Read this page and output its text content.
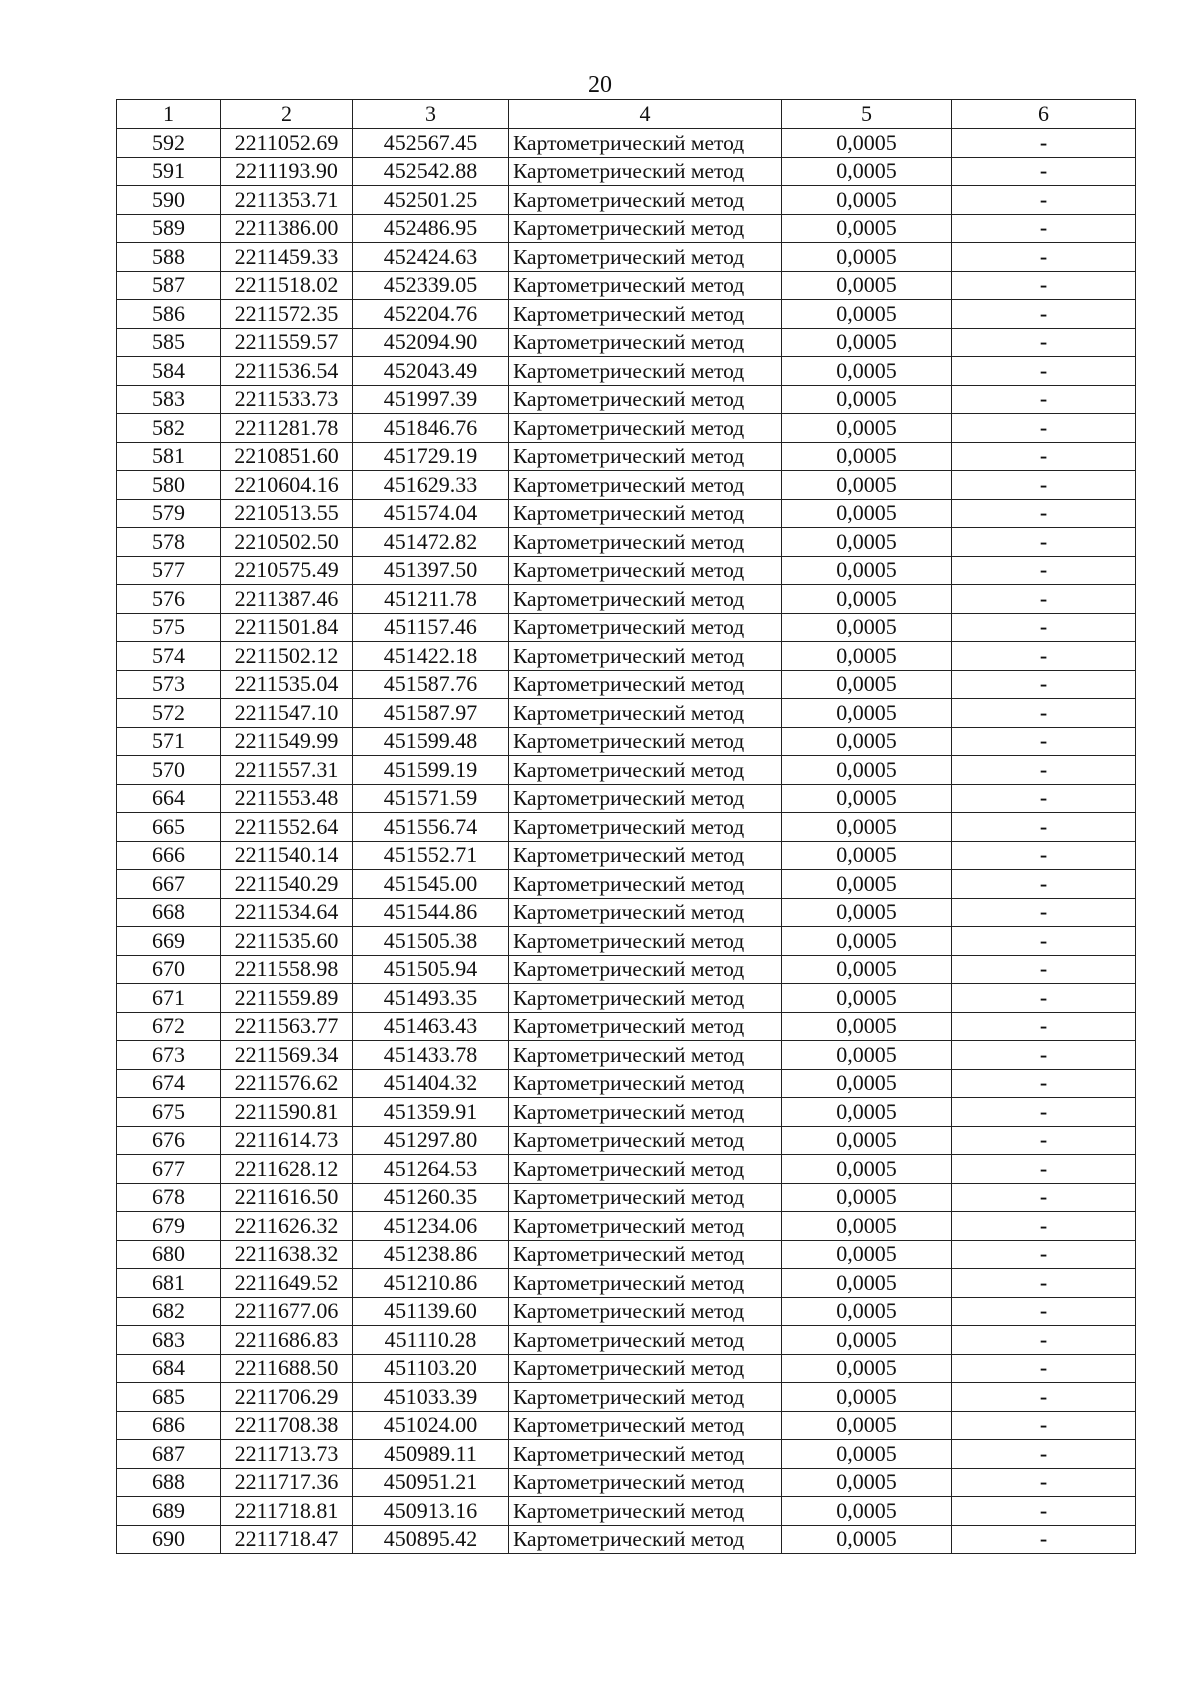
20
1	2	3	4	5	6
592	2211052.69	452567.45	Картометрический метод	0,0005	-
591	2211193.90	452542.88	Картометрический метод	0,0005	-
590	2211353.71	452501.25	Картометрический метод	0,0005	-
589	2211386.00	452486.95	Картометрический метод	0,0005	-
588	2211459.33	452424.63	Картометрический метод	0,0005	-
587	2211518.02	452339.05	Картометрический метод	0,0005	-
586	2211572.35	452204.76	Картометрический метод	0,0005	-
585	2211559.57	452094.90	Картометрический метод	0,0005	-
584	2211536.54	452043.49	Картометрический метод	0,0005	-
583	2211533.73	451997.39	Картометрический метод	0,0005	-
582	2211281.78	451846.76	Картометрический метод	0,0005	-
581	2210851.60	451729.19	Картометрический метод	0,0005	-
580	2210604.16	451629.33	Картометрический метод	0,0005	-
579	2210513.55	451574.04	Картометрический метод	0,0005	-
578	2210502.50	451472.82	Картометрический метод	0,0005	-
577	2210575.49	451397.50	Картометрический метод	0,0005	-
576	2211387.46	451211.78	Картометрический метод	0,0005	-
575	2211501.84	451157.46	Картометрический метод	0,0005	-
574	2211502.12	451422.18	Картометрический метод	0,0005	-
573	2211535.04	451587.76	Картометрический метод	0,0005	-
572	2211547.10	451587.97	Картометрический метод	0,0005	-
571	2211549.99	451599.48	Картометрический метод	0,0005	-
570	2211557.31	451599.19	Картометрический метод	0,0005	-
664	2211553.48	451571.59	Картометрический метод	0,0005	-
665	2211552.64	451556.74	Картометрический метод	0,0005	-
666	2211540.14	451552.71	Картометрический метод	0,0005	-
667	2211540.29	451545.00	Картометрический метод	0,0005	-
668	2211534.64	451544.86	Картометрический метод	0,0005	-
669	2211535.60	451505.38	Картометрический метод	0,0005	-
670	2211558.98	451505.94	Картометрический метод	0,0005	-
671	2211559.89	451493.35	Картометрический метод	0,0005	-
672	2211563.77	451463.43	Картометрический метод	0,0005	-
673	2211569.34	451433.78	Картометрический метод	0,0005	-
674	2211576.62	451404.32	Картометрический метод	0,0005	-
675	2211590.81	451359.91	Картометрический метод	0,0005	-
676	2211614.73	451297.80	Картометрический метод	0,0005	-
677	2211628.12	451264.53	Картометрический метод	0,0005	-
678	2211616.50	451260.35	Картометрический метод	0,0005	-
679	2211626.32	451234.06	Картометрический метод	0,0005	-
680	2211638.32	451238.86	Картометрический метод	0,0005	-
681	2211649.52	451210.86	Картометрический метод	0,0005	-
682	2211677.06	451139.60	Картометрический метод	0,0005	-
683	2211686.83	451110.28	Картометрический метод	0,0005	-
684	2211688.50	451103.20	Картометрический метод	0,0005	-
685	2211706.29	451033.39	Картометрический метод	0,0005	-
686	2211708.38	451024.00	Картометрический метод	0,0005	-
687	2211713.73	450989.11	Картометрический метод	0,0005	-
688	2211717.36	450951.21	Картометрический метод	0,0005	-
689	2211718.81	450913.16	Картометрический метод	0,0005	-
690	2211718.47	450895.42	Картометрический метод	0,0005	-
